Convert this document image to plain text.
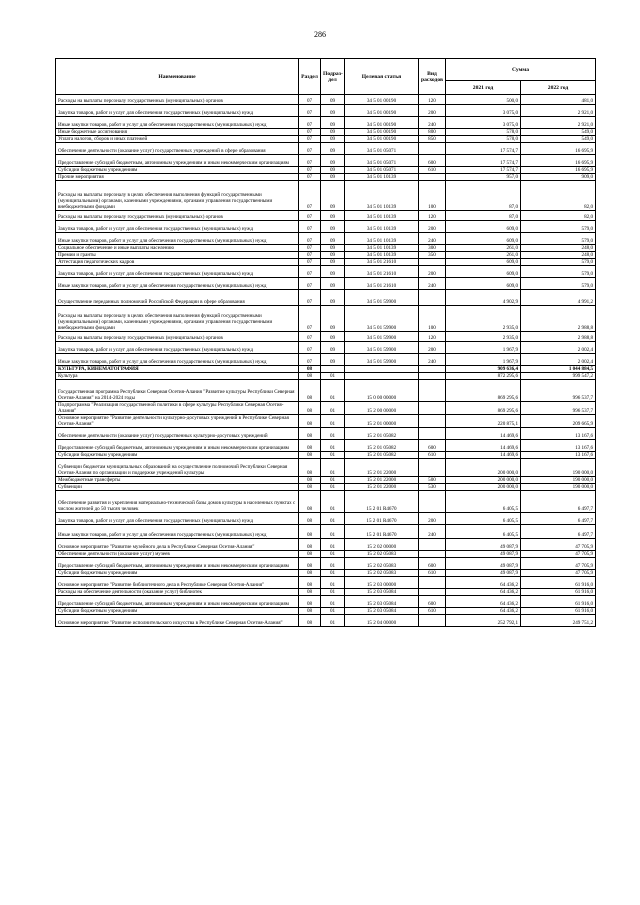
286
Наименование	Раздел	Подраз-дел	Целевая статья	Вид расходов	Сумма	
					2021 год	2022 год
Расходы на выплаты персоналу государственных (муниципальных) органов	07	09	34 5 01 00190	120	500,0	481,0
Закупка товаров, работ и услуг для обеспечения государственных (муниципальных) нужд	07	09	34 5 01 00190	200	3 075,0	2 921,0
Иные закупки товаров, работ и услуг для обеспечения государственных (муниципальных) нужд	07	09	34 5 01 00190	240	3 075,0	2 921,0
Иные бюджетные ассигнования	07	09	34 5 01 00190	800	578,0	549,0
Уплата налогов, сборов и иных платежей	07	09	34 5 01 00190	850	578,0	549,0
Обеспечение деятельности (оказание услуг) государственных учреждений в сфере образования	07	09	34 5 01 05071		17 574,7	16 695,9
Предоставление субсидий бюджетным, автономным учреждениям и иным некоммерческим организациям	07	09	34 5 01 05071	600	17 574,7	16 695,9
Субсидии бюджетным учреждениям	07	09	34 5 01 05071	610	17 574,7	16 695,9
Прочие мероприятия	07	09	34 5 01 10139		957,0	909,0
Расходы на выплаты персоналу в целях обеспечения выполнения функций государственными (муниципальными) органами, казенными учреждениями, органами управления государственными внебюджетными фондами	07	09	34 5 01 10139	100	87,0	82,0
Расходы на выплаты персоналу государственных (муниципальных) органов	07	09	34 5 01 10139	120	87,0	82,0
Закупка товаров, работ и услуг для обеспечения государственных (муниципальных) нужд	07	09	34 5 01 10139	200	609,0	579,0
Иные закупки товаров, работ и услуг для обеспечения государственных (муниципальных) нужд	07	09	34 5 01 10139	240	609,0	579,0
Социальное обеспечение и иные выплаты населению	07	09	34 5 01 10139	300	261,0	248,0
Премии и гранты	07	09	34 5 01 10139	350	261,0	248,0
Аттестация педагогических кадров	07	09	34 5 01 21610		609,0	579,0
Закупка товаров, работ и услуг для обеспечения государственных (муниципальных) нужд	07	09	34 5 01 21610	200	609,0	579,0
Иные закупки товаров, работ и услуг для обеспечения государственных (муниципальных) нужд	07	09	34 5 01 21610	240	609,0	579,0
Осуществление переданных полномочий Российской Федерации в сфере образования	07	09	34 5 01 59900		4 902,9	4 991,2
Расходы на выплаты персоналу в целях обеспечения выполнения функций государственными (муниципальными) органами, казенными учреждениями, органами управления государственными внебюджетными фондами	07	09	34 5 01 59900	100	2 935,0	2 988,8
Расходы на выплаты персоналу государственных (муниципальных) органов	07	09	34 5 01 59900	120	2 935,0	2 988,8
Закупка товаров, работ и услуг для обеспечения государственных (муниципальных) нужд	07	09	34 5 01 59900	200	1 967,9	2 002,4
Иные закупки товаров, работ и услуг для обеспечения государственных (муниципальных) нужд	07	09	34 5 01 59900	240	1 967,9	2 002,4
КУЛЬТУРА, КИНЕМАТОГРАФИЯ	08				909 636,4	1 044 884,5
Культура	08	01			872 295,6	999 547,2
Государственная программа Республики Северная Осетия-Алания "Развитие культуры Республики Северная Осетия-Алания" на 2014-2024 годы	08	01	15 0 00 00000		869 295,6	996 537,7
Подпрограмма "Реализация государственной политики в сфере культуры Республики Северная Осетия-Алания"	08	01	15 2 00 00000		869 295,6	996 537,7
Основное мероприятие "Развитие деятельности культурно-досуговых учреждений в Республике Северная Осетия-Алания"	08	01	15 2 01 00000		220 875,1	209 665,9
Обеспечение деятельности (оказание услуг) государственных культурно-досуговых учреждений	08	01	15 2 01 05082		14 469,6	13 167,6
Предоставление субсидий бюджетным, автономным учреждениям и иным некоммерческим организациям	08	01	15 2 01 05082	600	14 469,6	13 167,6
Субсидии бюджетным учреждениям	08	01	15 2 01 05082	610	14 469,6	13 167,6
Субвенции бюджетам муниципальных образований на осуществление полномочий Республики Северная Осетия-Алания по организации и поддержке учреждений культуры	08	01	15 2 01 22000		200 000,0	190 000,0
Межбюджетные трансферты	08	01	15 2 01 22000	500	200 000,0	190 000,0
Субвенции	08	01	15 2 01 22000	530	200 000,0	190 000,0
Обеспечение развития и укрепления материально-технической базы домов культуры в населенных пунктах с числом жителей до 50 тысяч человек	08	01	15 2 01 R4670		6 405,5	6 497,7
Закупка товаров, работ и услуг для обеспечения государственных (муниципальных) нужд	08	01	15 2 01 R4670	200	6 405,5	6 497,7
Иные закупки товаров, работ и услуг для обеспечения государственных (муниципальных) нужд	08	01	15 2 01 R4670	240	6 405,5	6 497,7
Основное мероприятие "Развитие музейного дела в Республике Северная Осетия-Алания"	08	01	15 2 02 00000		49 087,9	47 705,9
Обеспечение деятельности (оказание услуг) музеев	08	01	15 2 02 05083		49 087,9	47 705,9
Предоставление субсидий бюджетным, автономным учреждениям и иным некоммерческим организациям	08	01	15 2 02 05083	600	49 087,9	47 705,9
Субсидии бюджетным учреждениям	08	01	15 2 02 05083	610	49 087,9	47 705,9
Основное мероприятие "Развитие библиотечного дела в Республике Северная Осетия-Алания"	08	01	15 2 03 00000		64 436,2	61 916,0
Расходы на обеспечение деятельности (оказание услуг) библиотек	08	01	15 2 03 05084		64 436,2	61 916,0
Предоставление субсидий бюджетным, автономным учреждениям и иным некоммерческим организациям	08	01	15 2 03 05084	600	64 436,2	61 916,0
Субсидии бюджетным учреждениям	08	01	15 2 03 05084	610	64 436,2	61 916,0
Основное мероприятие "Развитие исполнительского искусства в Республике Северная Осетия-Алания"	08	01	15 2 04 00000		252 792,1	249 751,2
